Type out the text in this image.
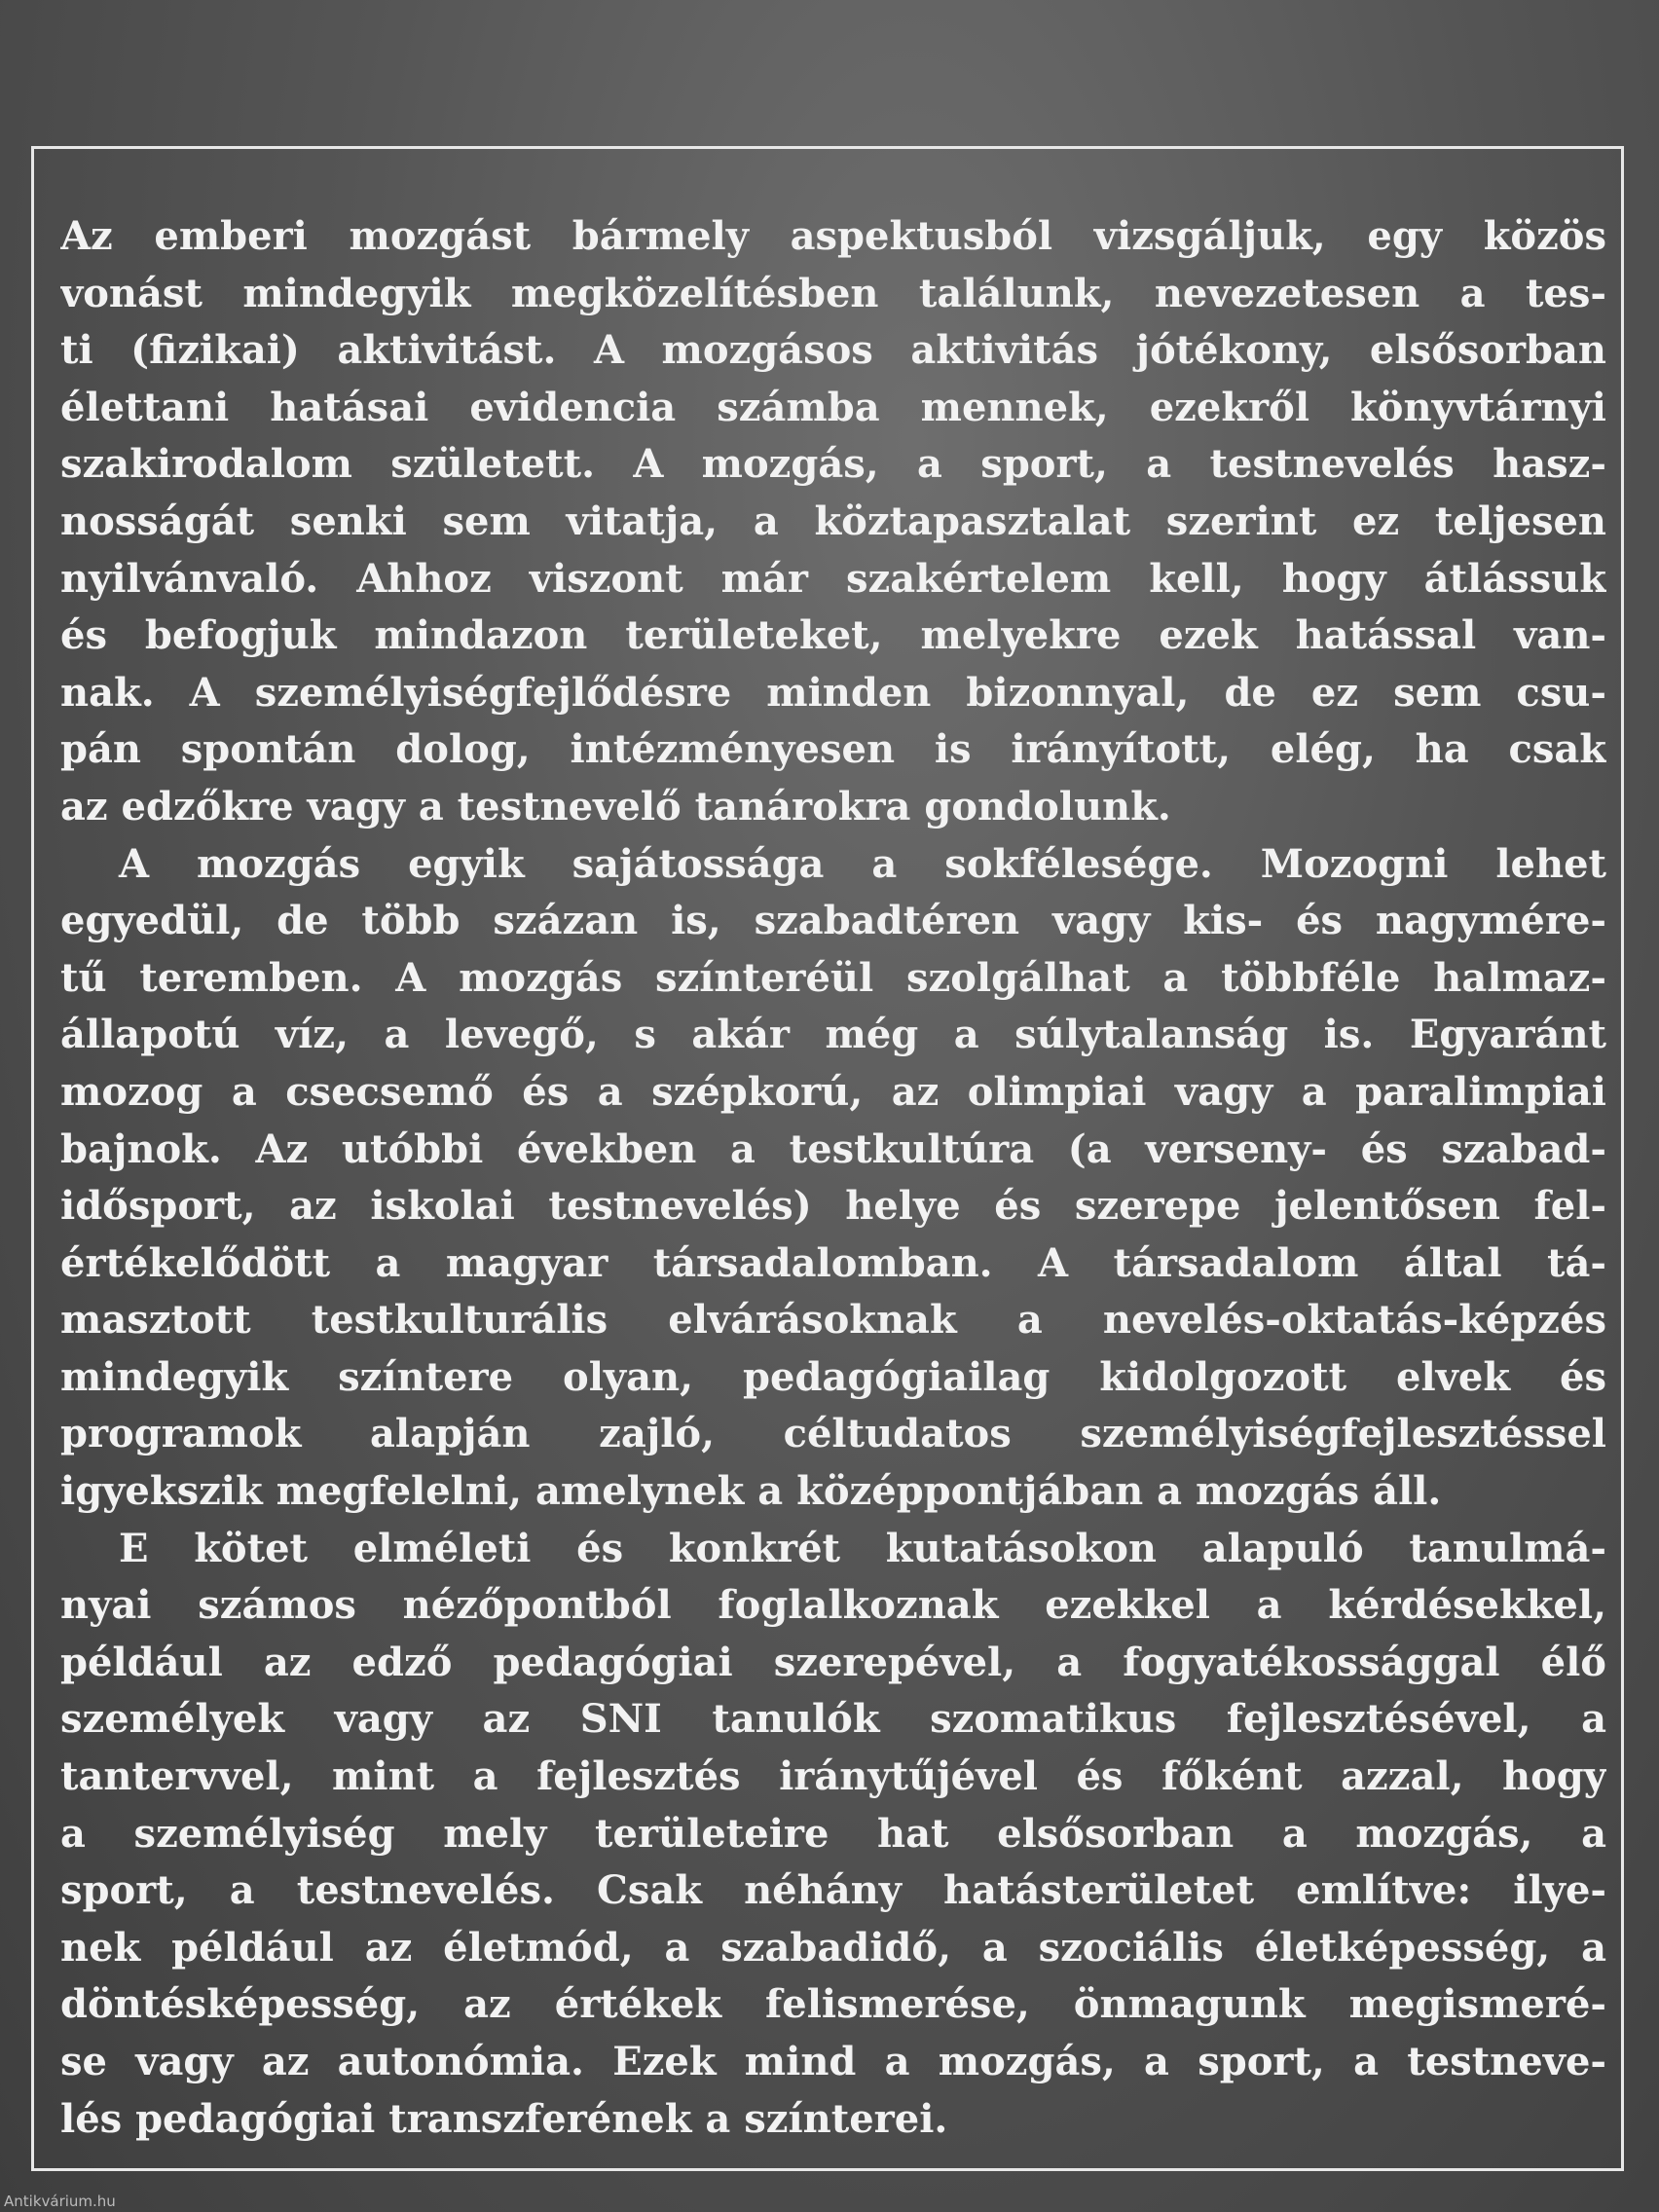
Az emberi mozgást bármely aspektusból vizsgáljuk, egy közös
vonást mindegyik megközelítésben találunk, nevezetesen a tes-
ti (fizikai) aktivitást. A mozgásos aktivitás jótékony, elsősorban
élettani hatásai evidencia számba mennek, ezekről könyvtárnyi
szakirodalom született. A mozgás, a sport, a testnevelés hasz-
nosságát senki sem vitatja, a köztapasztalat szerint ez teljesen
nyilvánvaló. Ahhoz viszont már szakértelem kell, hogy átlássuk
és befogjuk mindazon területeket, melyekre ezek hatással van-
nak. A személyiségfejlődésre minden bizonnyal, de ez sem csu-
pán spontán dolog, intézményesen is irányított, elég, ha csak
az edzőkre vagy a testnevelő tanárokra gondolunk.
A mozgás egyik sajátossága a sokfélesége. Mozogni lehet
egyedül, de több százan is, szabadtéren vagy kis- és nagymére-
tű teremben. A mozgás színteréül szolgálhat a többféle halmaz-
állapotú víz, a levegő, s akár még a súlytalanság is. Egyaránt
mozog a csecsemő és a szépkorú, az olimpiai vagy a paralimpiai
bajnok. Az utóbbi években a testkultúra (a verseny- és szabad-
idősport, az iskolai testnevelés) helye és szerepe jelentősen fel-
értékelődött a magyar társadalomban. A társadalom által tá-
masztott testkulturális elvárásoknak a nevelés-oktatás-képzés
mindegyik színtere olyan, pedagógiailag kidolgozott elvek és
programok alapján zajló, céltudatos személyiségfejlesztéssel
igyekszik megfelelni, amelynek a középpontjában a mozgás áll.
E kötet elméleti és konkrét kutatásokon alapuló tanulmá-
nyai számos nézőpontból foglalkoznak ezekkel a kérdésekkel,
például az edző pedagógiai szerepével, a fogyatékossággal élő
személyek vagy az SNI tanulók szomatikus fejlesztésével, a
tantervvel, mint a fejlesztés iránytűjével és főként azzal, hogy
a személyiség mely területeire hat elsősorban a mozgás, a
sport, a testnevelés. Csak néhány hatásterületet említve: ilye-
nek például az életmód, a szabadidő, a szociális életképesség, a
döntésképesség, az értékek felismerése, önmagunk megismeré-
se vagy az autonómia. Ezek mind a mozgás, a sport, a testneve-
lés pedagógiai transzferének a színterei.
Antikvárium.hu
